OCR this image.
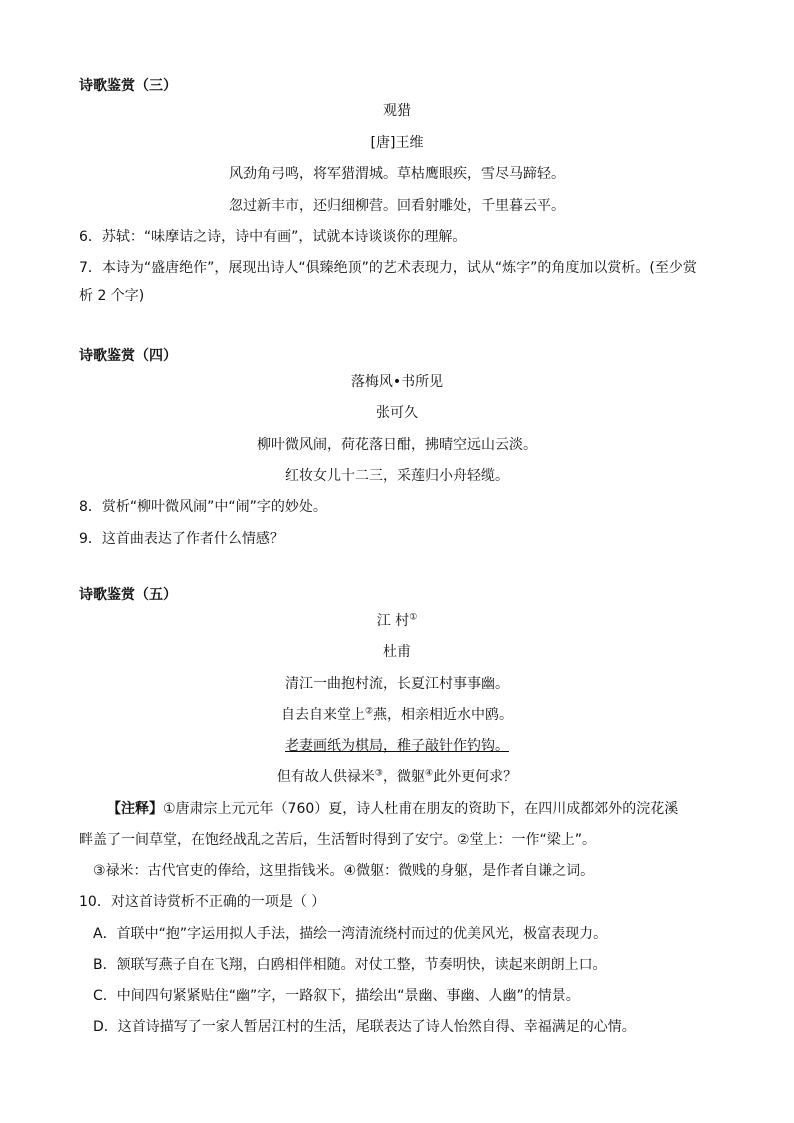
诗歌鉴赏（三）
观猎
[唐]王维
风劲角弓鸣，将军猎渭城。草枯鹰眼疾，雪尽马蹄轻。
忽过新丰市，还归细柳营。回看射雕处，千里暮云平。
6．苏轼：“味摩诘之诗，诗中有画”，试就本诗谈谈你的理解。
7．本诗为“盛唐绝作”，展现出诗人“俱臻绝顶”的艺术表现力，试从“炼字”的角度加以赏析。(至少赏
析 2 个字)
诗歌鉴赏（四）
落梅风•书所见
张可久
柳叶微风闹，荷花落日酣，拂晴空远山云淡。
红妆女儿十二三，采莲归小舟轻缆。
8．赏析“柳叶微风闹”中“闹”字的妙处。
9．这首曲表达了作者什么情感？
诗歌鉴赏（五）
江 村①
杜甫
清江一曲抱村流，长夏江村事事幽。
自去自来堂上②燕，相亲相近水中鸥。
老妻画纸为棋局，稚子敲针作钓钩。
但有故人供禄米③，微躯④此外更何求？
【注释】①唐肃宗上元元年（760）夏，诗人杜甫在朋友的资助下，在四川成都郊外的浣花溪
畔盖了一间草堂，在饱经战乱之苦后，生活暂时得到了安宁。②堂上：一作“梁上”。
③禄米：古代官吏的俸给，这里指钱米。④微躯：微贱的身躯，是作者自谦之词。
10．对这首诗赏析不正确的一项是（ ）
A．首联中“抱”字运用拟人手法，描绘一湾清流绕村而过的优美风光，极富表现力。
B．颔联写燕子自在飞翔，白鸥相伴相随。对仗工整，节奏明快，读起来朗朗上口。
C．中间四句紧紧贴住“幽”字，一路叙下，描绘出“景幽、事幽、人幽”的情景。
D．这首诗描写了一家人暂居江村的生活，尾联表达了诗人怡然自得、幸福满足的心情。
